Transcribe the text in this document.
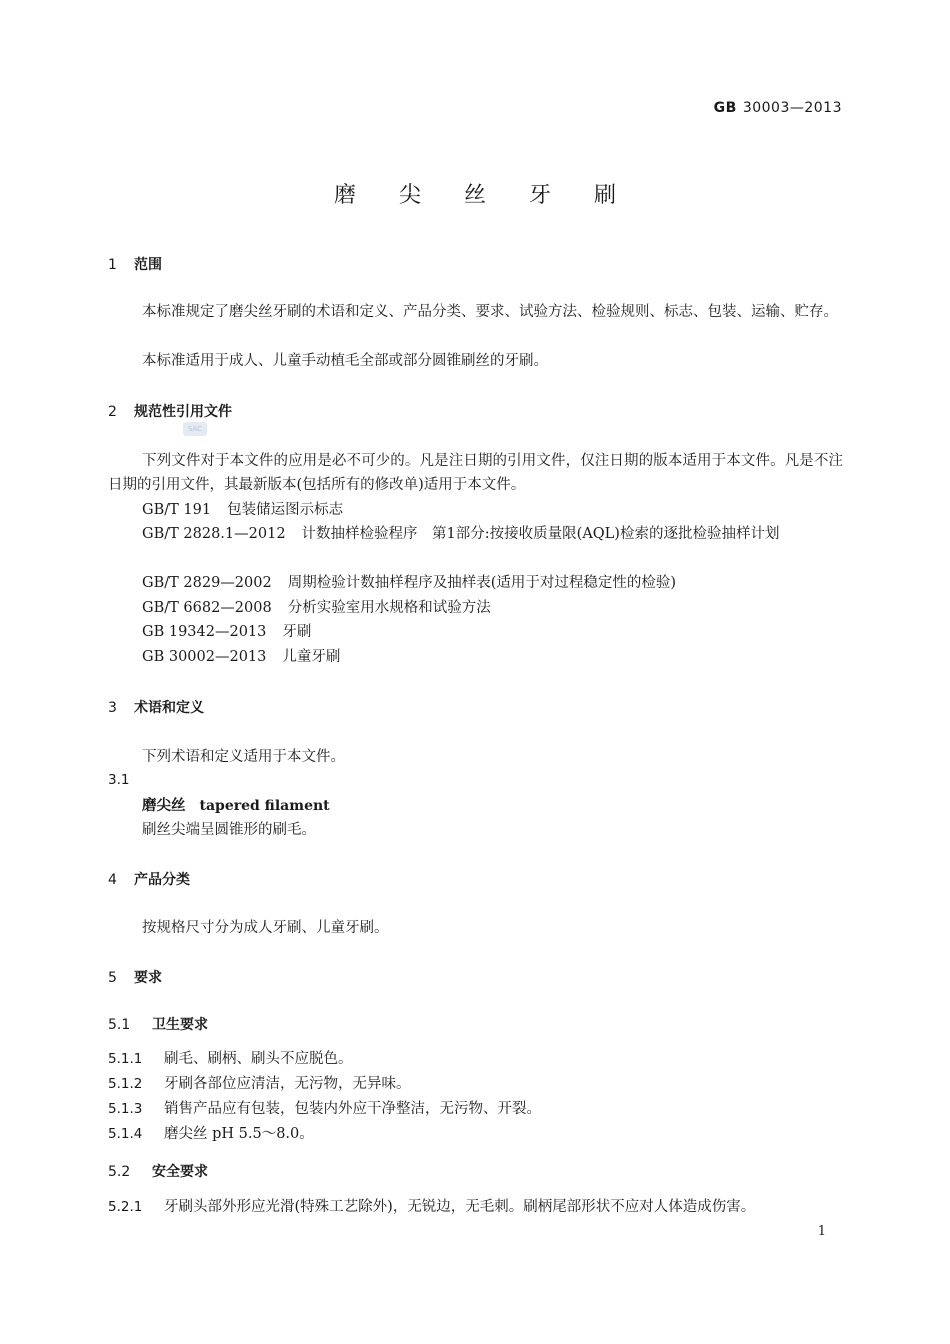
GB 30003—2013
磨 尖 丝 牙 刷
1 范围
本标准规定了磨尖丝牙刷的术语和定义、产品分类、要求、试验方法、检验规则、标志、包装、运输、贮存。
本标准适用于成人、儿童手动植毛全部或部分圆锥刷丝的牙刷。
2 规范性引用文件
SAC
下列文件对于本文件的应用是必不可少的。凡是注日期的引用文件，仅注日期的版本适用于本文件。凡是不注日期的引用文件，其最新版本(包括所有的修改单)适用于本文件。
GB/T 191 包装储运图示标志
GB/T 2828.1—2012 计数抽样检验程序　第1部分:按接收质量限(AQL)检索的逐批检验抽样计划
GB/T 2829—2002 周期检验计数抽样程序及抽样表(适用于对过程稳定性的检验)
GB/T 6682—2008 分析实验室用水规格和试验方法
GB 19342—2013 牙刷
GB 30002—2013 儿童牙刷
3 术语和定义
下列术语和定义适用于本文件。
3.1
磨尖丝 tapered filament
刷丝尖端呈圆锥形的刷毛。
4 产品分类
按规格尺寸分为成人牙刷、儿童牙刷。
5 要求
5.1 卫生要求
5.1.1 刷毛、刷柄、刷头不应脱色。
5.1.2 牙刷各部位应清洁，无污物，无异味。
5.1.3 销售产品应有包装，包装内外应干净整洁，无污物、开裂。
5.1.4 磨尖丝 pH 5.5～8.0。
5.2 安全要求
5.2.1 牙刷头部外形应光滑(特殊工艺除外)，无锐边，无毛刺。刷柄尾部形状不应对人体造成伤害。
1
